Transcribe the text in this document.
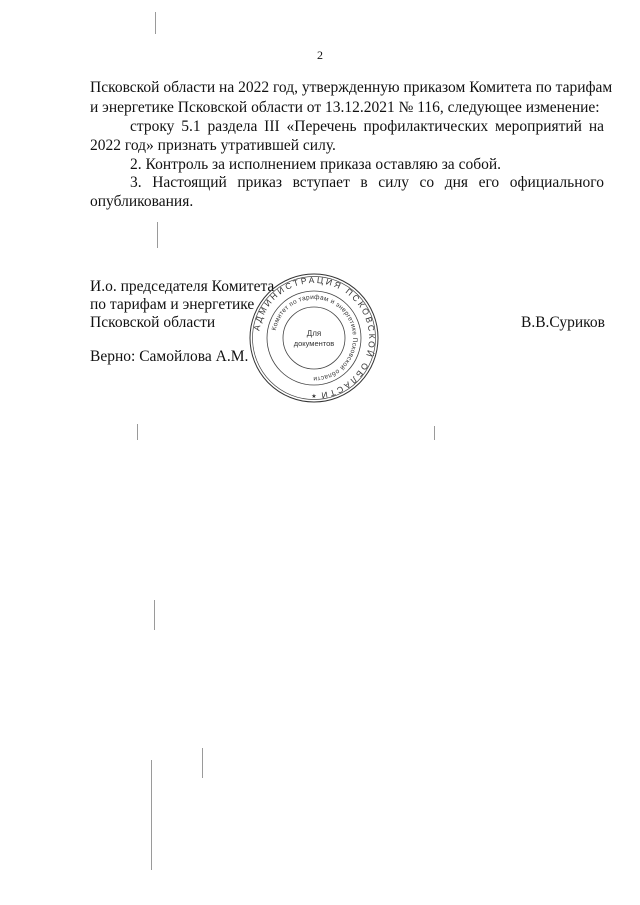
2
Псковской области на 2022 год, утвержденную приказом Комитета по тарифам
и энергетике Псковской области от 13.12.2021 № 116, следующее изменение:
строку 5.1 раздела III «Перечень профилактических мероприятий на
2022 год» признать утратившей силу.
2. Контроль за исполнением приказа оставляю за собой.
3. Настоящий приказ вступает в силу со дня его официального
опубликования.
И.о. председателя Комитета
по тарифам и энергетике
Псковской области	В.В.Суриков
Верно: Самойлова А.М.
АДМИНИСТРАЦИЯ ПСКОВСКОЙ ОБЛАСТИ
Комитет по тарифам и энергетике Псковской области
Для
документов
★
